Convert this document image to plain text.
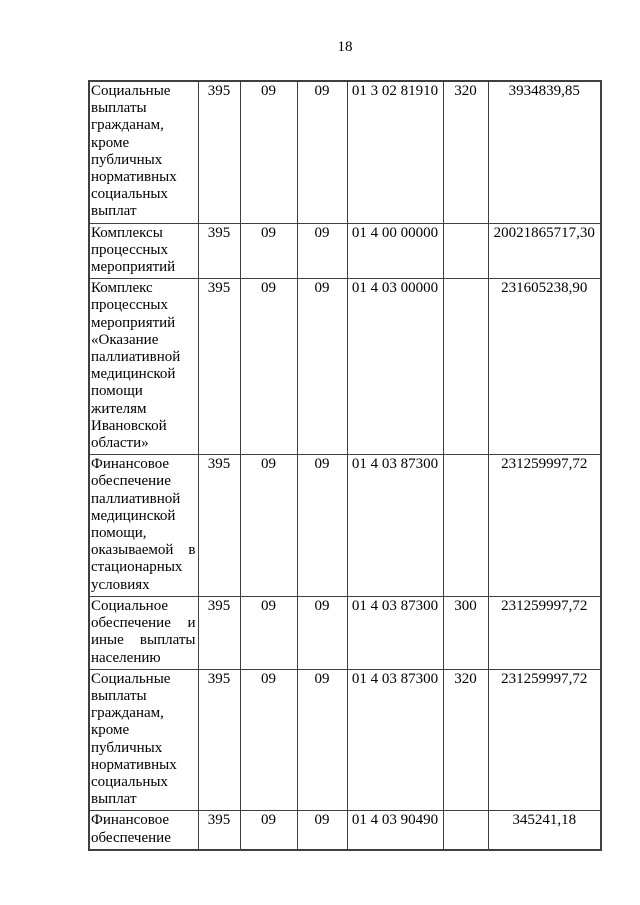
18
Социальные
выплаты
гражданам,
кроме
публичных
нормативных
социальных
выплат
	395	09	09	01 3 02 81910	320	3934839,85

Комплексы
процессных
мероприятий	395	09	09	01 4 00 00000		20021865717,30

Комплекс
процессных
мероприятий
«Оказание
паллиативной
медицинской
помощи
жителям
Ивановской
области»
	395	09	09	01 4 03 00000		231605238,90

Финансовое
обеспечение
паллиативной
медицинской
помощи,
оказываемой в
стационарных
условиях
	395	09	09	01 4 03 87300		231259997,72

Социальное
обеспечение и
иные выплаты
населению	395	09	09	01 4 03 87300	300	231259997,72

Социальные
выплаты
гражданам,
кроме
публичных
нормативных
социальных
выплат
	395	09	09	01 4 03 87300	320	231259997,72

Финансовое
обеспечение	395	09	09	01 4 03 90490		345241,18
